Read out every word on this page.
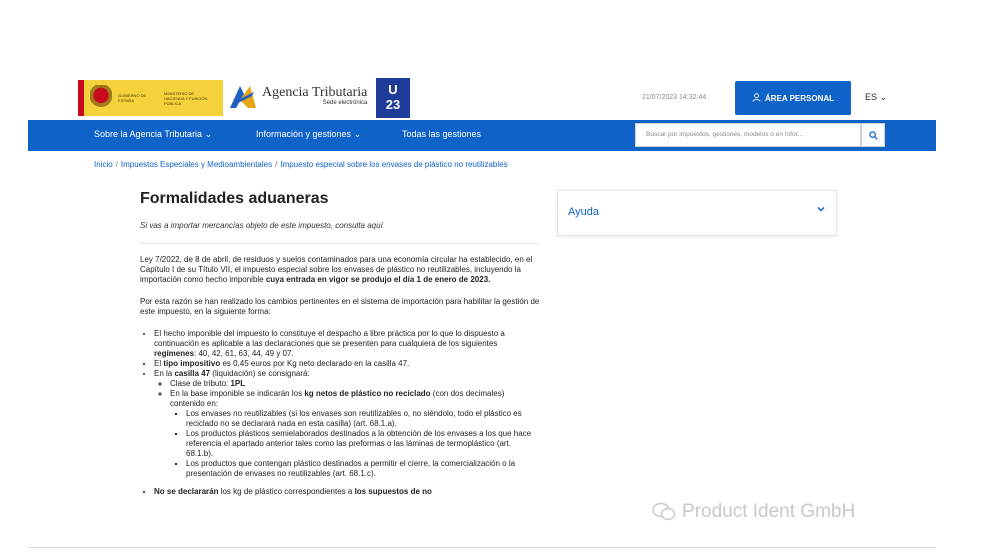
GOBIERNO DE ESPAÑA
MINISTERIO DE HACIENDA Y FUNCIÓN PÚBLICA
Agencia Tributaria
Sede electrónica
U
23	21/07/2023 14:32:44	ÁREA PERSONAL	ES ⌄
Sobre la Agencia Tributaria ⌄	Información y gestiones ⌄	Todas las gestiones	Buscar por impuestos, gestiones, modelos o en Infor...
Inicio / Impuestos Especiales y Medioambientales / Impuesto especial sobre los envases de plástico no reutilizables
Formalidades aduaneras
Si vas a importar mercancías objeto de este impuesto, consulta aquí

Ley 7/2022, de 8 de abril, de residuos y suelos contaminados para una economía circular ha establecido, en el Capítulo I de su Título VII, el impuesto especial sobre los envases de plástico no reutilizables, incluyendo la importación como hecho imponible cuya entrada en vigor se produjo el día 1 de enero de 2023.

Por esta razón se han realizado los cambios pertinentes en el sistema de importación para habilitar la gestión de este impuesto, en la siguiente forma:

• El hecho imponible del impuesto lo constituye el despacho a libre práctica por lo que lo dispuesto a continuación es aplicable a las declaraciones que se presenten para cualquiera de los siguientes regímenes: 40, 42, 61, 63, 44, 49 y 07.
• El tipo impositivo es 0,45 euros por Kg neto declarado en la casilla 47.
• En la casilla 47 (liquidación) se consignará:
◦ Clase de tributo: 1PL
◦ En la base imponible se indicarán los kg netos de plástico no reciclado (con dos decimales) contenido en:
▪ Los envases no reutilizables (si los envases son reutilizables o, no siéndolo, todo el plástico es reciclado no se declarará nada en esta casilla) (art. 68.1.a).
▪ Los productos plásticos semielaborados destinados a la obtención de los envases a los que hace referencia el apartado anterior tales como las preformas o las láminas de termoplástico (art. 68.1.b).
▪ Los productos que contengan plástico destinados a permitir el cierre, la comercialización o la presentación de envases no reutilizables (art. 68.1.c).
• No se declararán los kg de plástico correspondientes a los supuestos de no
Ayuda
Product Ident GmbH
